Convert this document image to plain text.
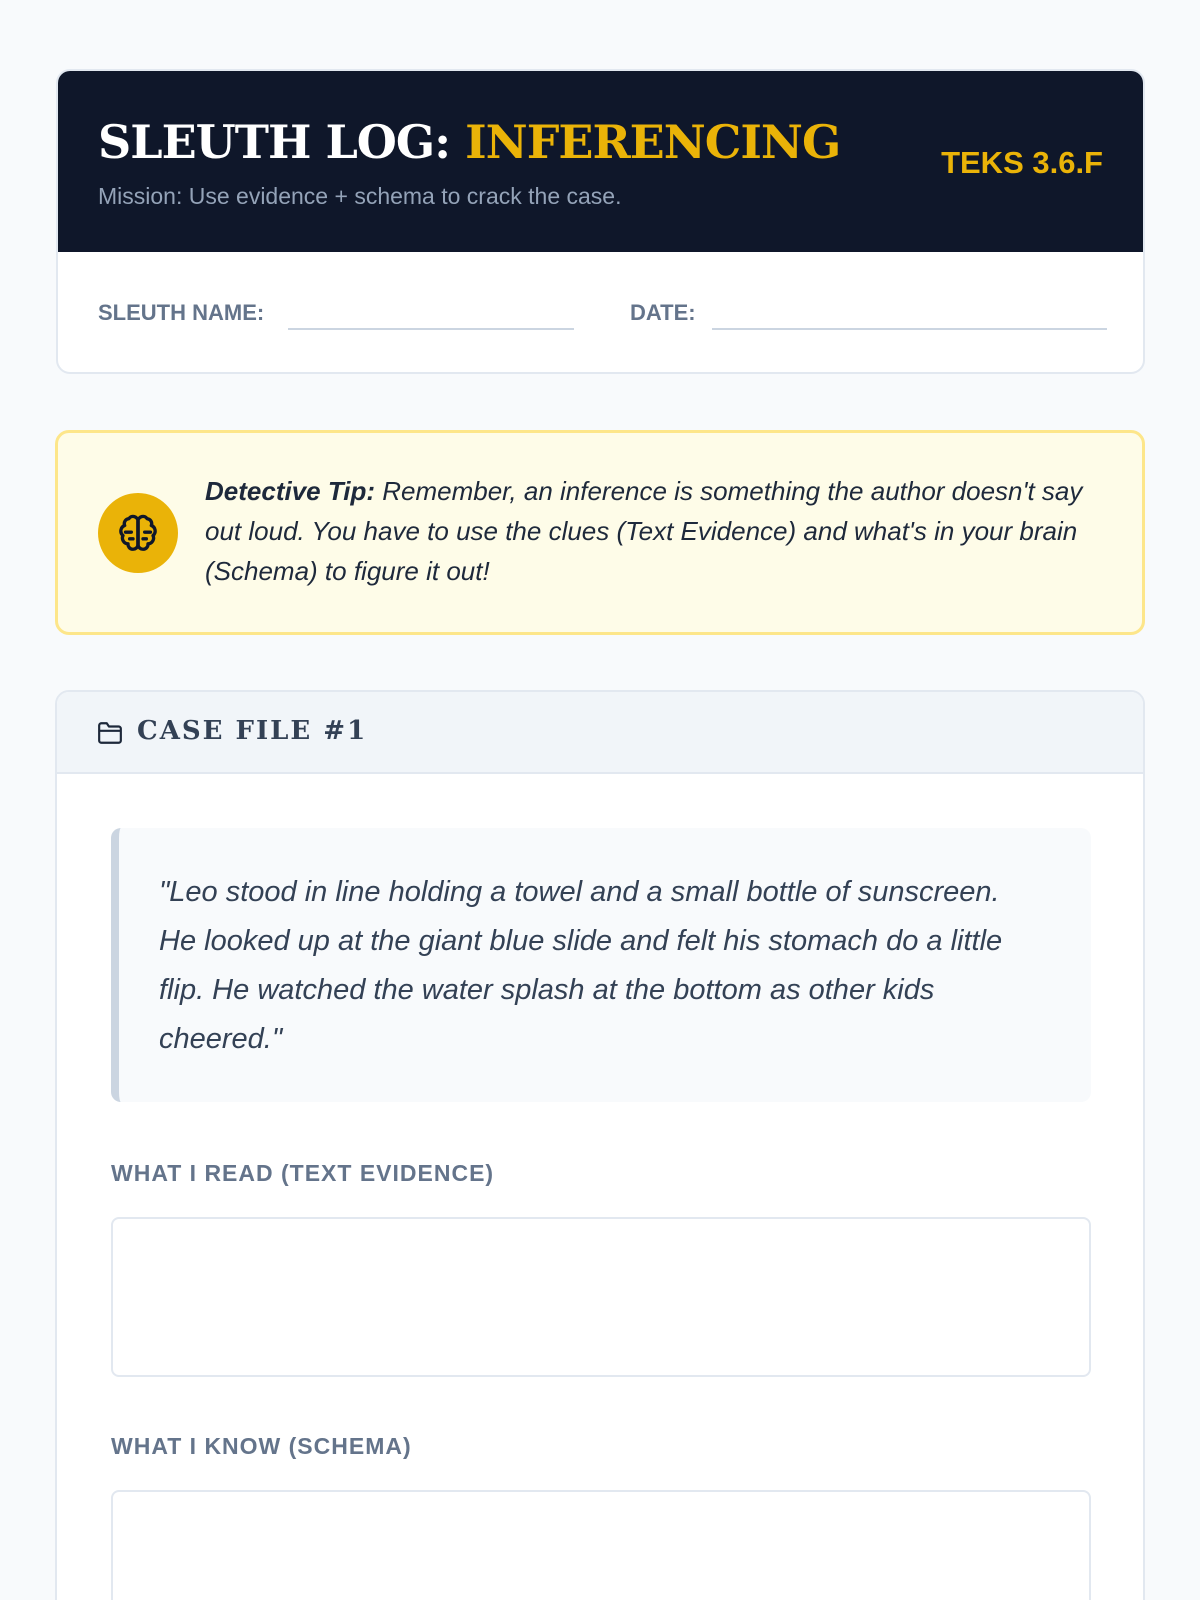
SLEUTH LOG: INFERENCING
Mission: Use evidence + schema to crack the case.
TEKS 3.6.F
SLEUTH NAME:	DATE:
Detective Tip: Remember, an inference is something the author doesn't say out loud. You have to use the clues (Text Evidence) and what's in your brain (Schema) to figure it out!
CASE FILE #1
"Leo stood in line holding a towel and a small bottle of sunscreen. He looked up at the giant blue slide and felt his stomach do a little flip. He watched the water splash at the bottom as other kids cheered."
WHAT I READ (TEXT EVIDENCE)
WHAT I KNOW (SCHEMA)
